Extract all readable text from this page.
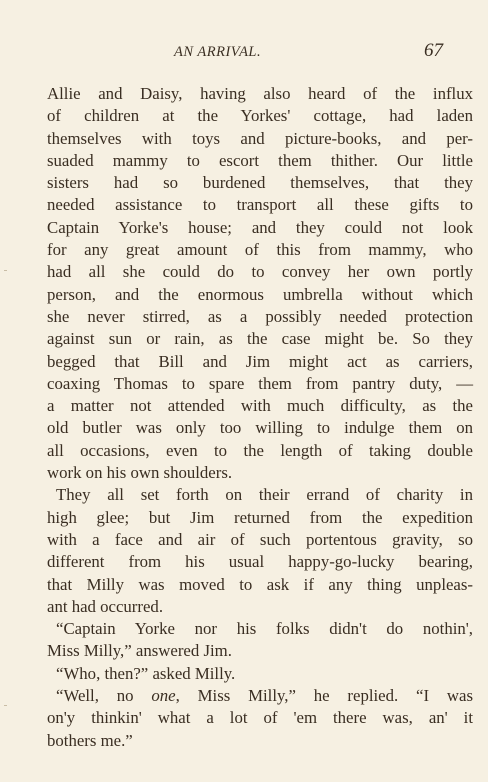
AN ARRIVAL.	67
Allie and Daisy, having also heard of the influx
of children at the Yorkes' cottage, had laden
themselves with toys and picture-books, and per-
suaded mammy to escort them thither. Our little
sisters had so burdened themselves, that they
needed assistance to transport all these gifts to
Captain Yorke's house; and they could not look
for any great amount of this from mammy, who
had all she could do to convey her own portly
person, and the enormous umbrella without which
she never stirred, as a possibly needed protection
against sun or rain, as the case might be. So they
begged that Bill and Jim might act as carriers,
coaxing Thomas to spare them from pantry duty, —
a matter not attended with much difficulty, as the
old butler was only too willing to indulge them on
all occasions, even to the length of taking double
work on his own shoulders.
They all set forth on their errand of charity in
high glee; but Jim returned from the expedition
with a face and air of such portentous gravity, so
different from his usual happy-go-lucky bearing,
that Milly was moved to ask if any thing unpleas-
ant had occurred.
“Captain Yorke nor his folks didn't do nothin',
Miss Milly,” answered Jim.
“Who, then?” asked Milly.
“Well, no one, Miss Milly,” he replied. “I was
on'y thinkin' what a lot of 'em there was, an' it
bothers me.”
